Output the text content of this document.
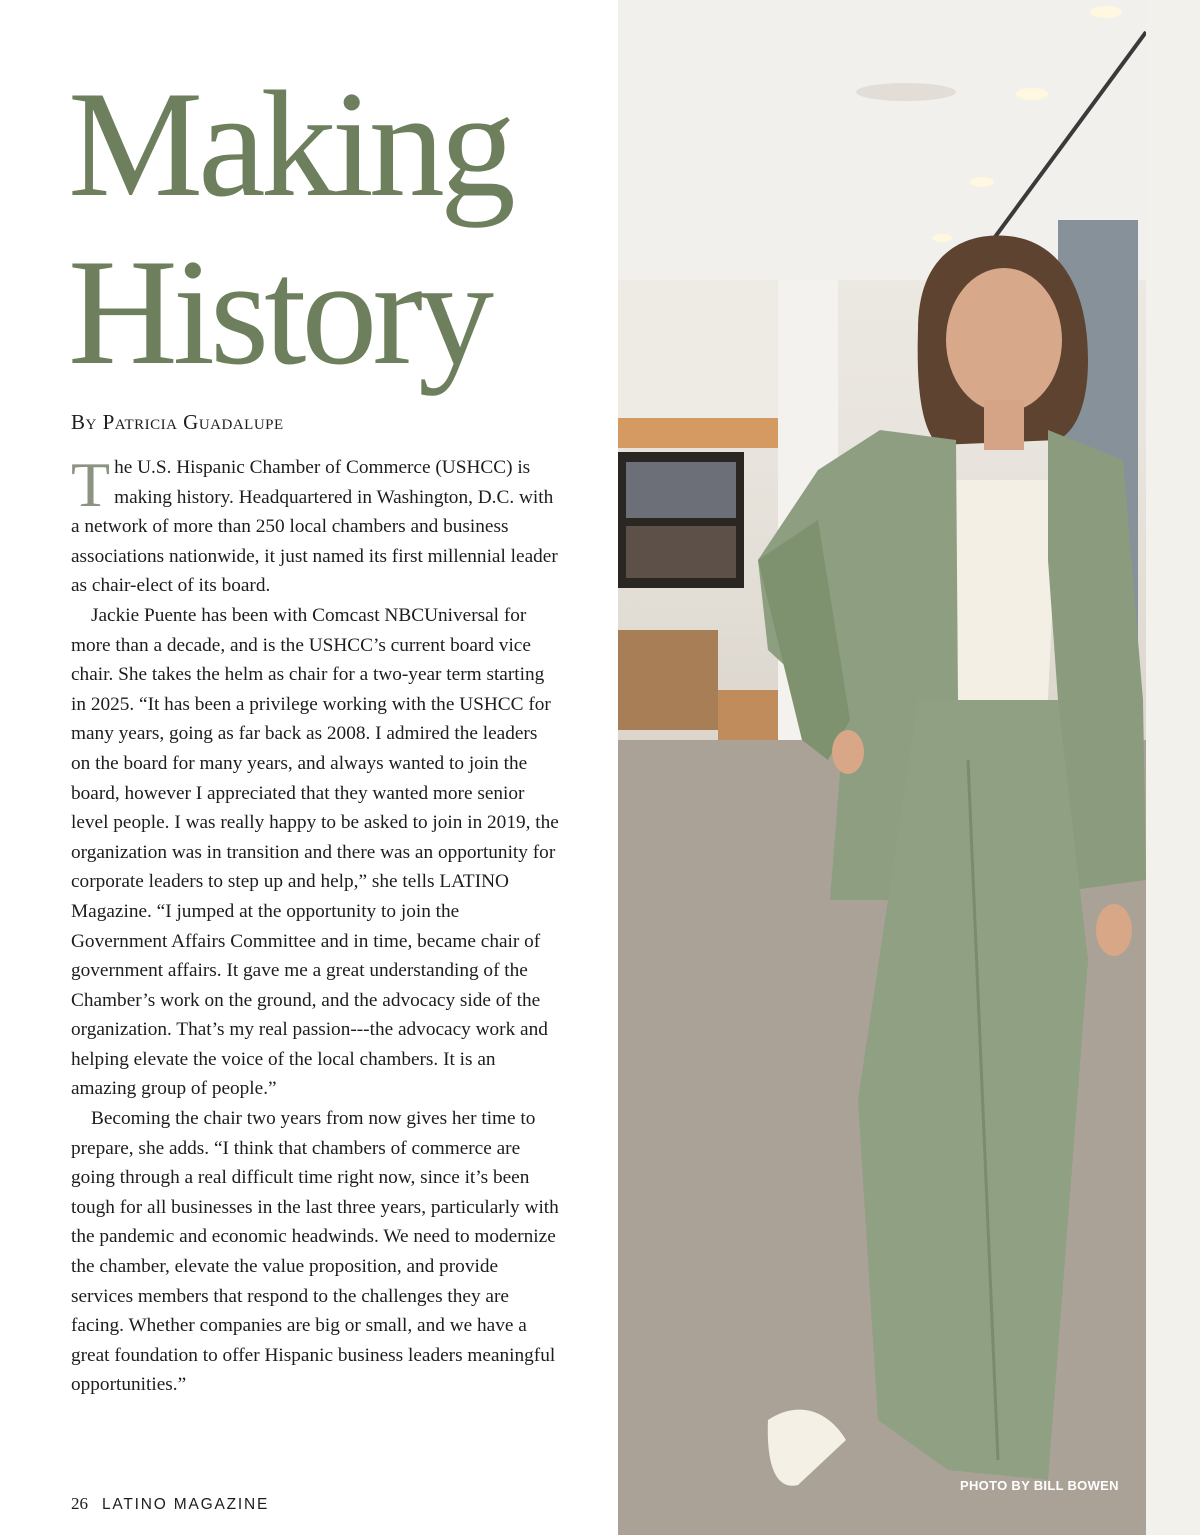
Making
History

By Patricia Guadalupe

The U.S. Hispanic Chamber of Commerce (USHCC) is making history. Headquartered in Washington, D.C. with a network of more than 250 local chambers and business associations nationwide, it just named its first millennial leader as chair-elect of its board.

Jackie Puente has been with Comcast NBCUniversal for more than a decade, and is the USHCC’s current board vice chair. She takes the helm as chair for a two-year term starting in 2025. “It has been a privilege working with the USHCC for many years, going as far back as 2008. I admired the leaders on the board for many years, and always wanted to join the board, however I appreciated that they wanted more senior level people. I was really happy to be asked to join in 2019, the organization was in transition and there was an opportunity for corporate leaders to step up and help,” she tells LATINO Magazine. “I jumped at the opportunity to join the Government Affairs Committee and in time, became chair of government affairs. It gave me a great understanding of the Chamber’s work on the ground, and the advocacy side of the organization. That’s my real passion---the advocacy work and helping elevate the voice of the local chambers. It is an amazing group of people.”

Becoming the chair two years from now gives her time to prepare, she adds. “I think that chambers of commerce are going through a real difficult time right now, since it’s been tough for all businesses in the last three years, particularly with the pandemic and economic headwinds. We need to modernize the chamber, elevate the value proposition, and provide services members that respond to the challenges they are facing. Whether companies are big or small, and we have a great foundation to offer Hispanic business leaders meaningful opportunities.”

26 LATINO MAGAZINE
PHOTO BY BILL BOWEN
